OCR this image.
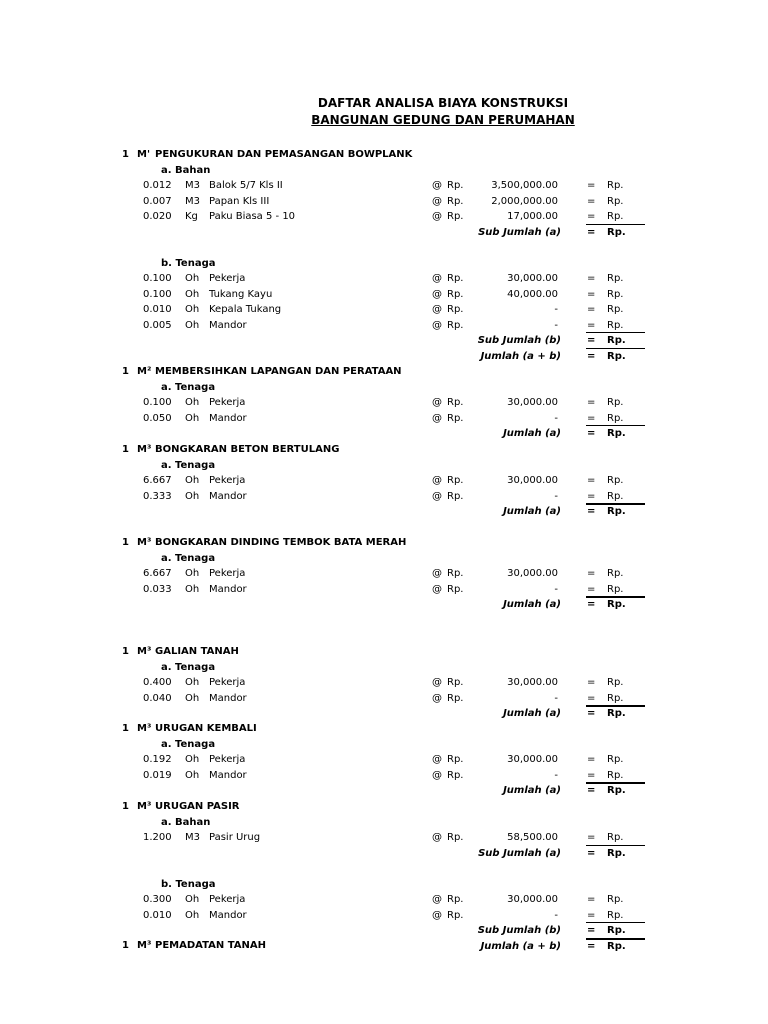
DAFTAR ANALISA BIAYA KONSTRUKSI
BANGUNAN GEDUNG DAN PERUMAHAN
1 M' PENGUKURAN DAN PEMASANGAN BOWPLANK
a. Bahan
0.012 M3 Balok 5/7 Kls II	@ Rp.	3,500,000.00	= Rp.
0.007 M3 Papan Kls III	@ Rp.	2,000,000.00	= Rp.
0.020 Kg Paku Biasa 5 - 10	@ Rp.	17,000.00	= Rp.
Sub Jumlah (a)	= Rp.
b. Tenaga
0.100 Oh Pekerja	@ Rp.	30,000.00	= Rp.
0.100 Oh Tukang Kayu	@ Rp.	40,000.00	= Rp.
0.010 Oh Kepala Tukang	@ Rp.	-	= Rp.
0.005 Oh Mandor	@ Rp.	-	= Rp.
Sub Jumlah (b)	= Rp.
Jumlah (a + b)	= Rp.
1 M² MEMBERSIHKAN LAPANGAN DAN PERATAAN
a. Tenaga
0.100 Oh Pekerja	@ Rp.	30,000.00	= Rp.
0.050 Oh Mandor	@ Rp.	-	= Rp.
Jumlah (a)	= Rp.
1 M³ BONGKARAN BETON BERTULANG
a. Tenaga
6.667 Oh Pekerja	@ Rp.	30,000.00	= Rp.
0.333 Oh Mandor	@ Rp.	-	= Rp.
Jumlah (a)	= Rp.
1 M³ BONGKARAN DINDING TEMBOK BATA MERAH
a. Tenaga
6.667 Oh Pekerja	@ Rp.	30,000.00	= Rp.
0.033 Oh Mandor	@ Rp.	-	= Rp.
Jumlah (a)	= Rp.
1 M³ GALIAN TANAH
a. Tenaga
0.400 Oh Pekerja	@ Rp.	30,000.00	= Rp.
0.040 Oh Mandor	@ Rp.	-	= Rp.
Jumlah (a)	= Rp.
1 M³ URUGAN KEMBALI
a. Tenaga
0.192 Oh Pekerja	@ Rp.	30,000.00	= Rp.
0.019 Oh Mandor	@ Rp.	-	= Rp.
Jumlah (a)	= Rp.
1 M³ URUGAN PASIR
a. Bahan
1.200 M3 Pasir Urug	@ Rp.	58,500.00	= Rp.
Sub Jumlah (a)	= Rp.
b. Tenaga
0.300 Oh Pekerja	@ Rp.	30,000.00	= Rp.
0.010 Oh Mandor	@ Rp.	-	= Rp.
Sub Jumlah (b)	= Rp.
Jumlah (a + b)	= Rp.
1 M³ PEMADATAN TANAH
